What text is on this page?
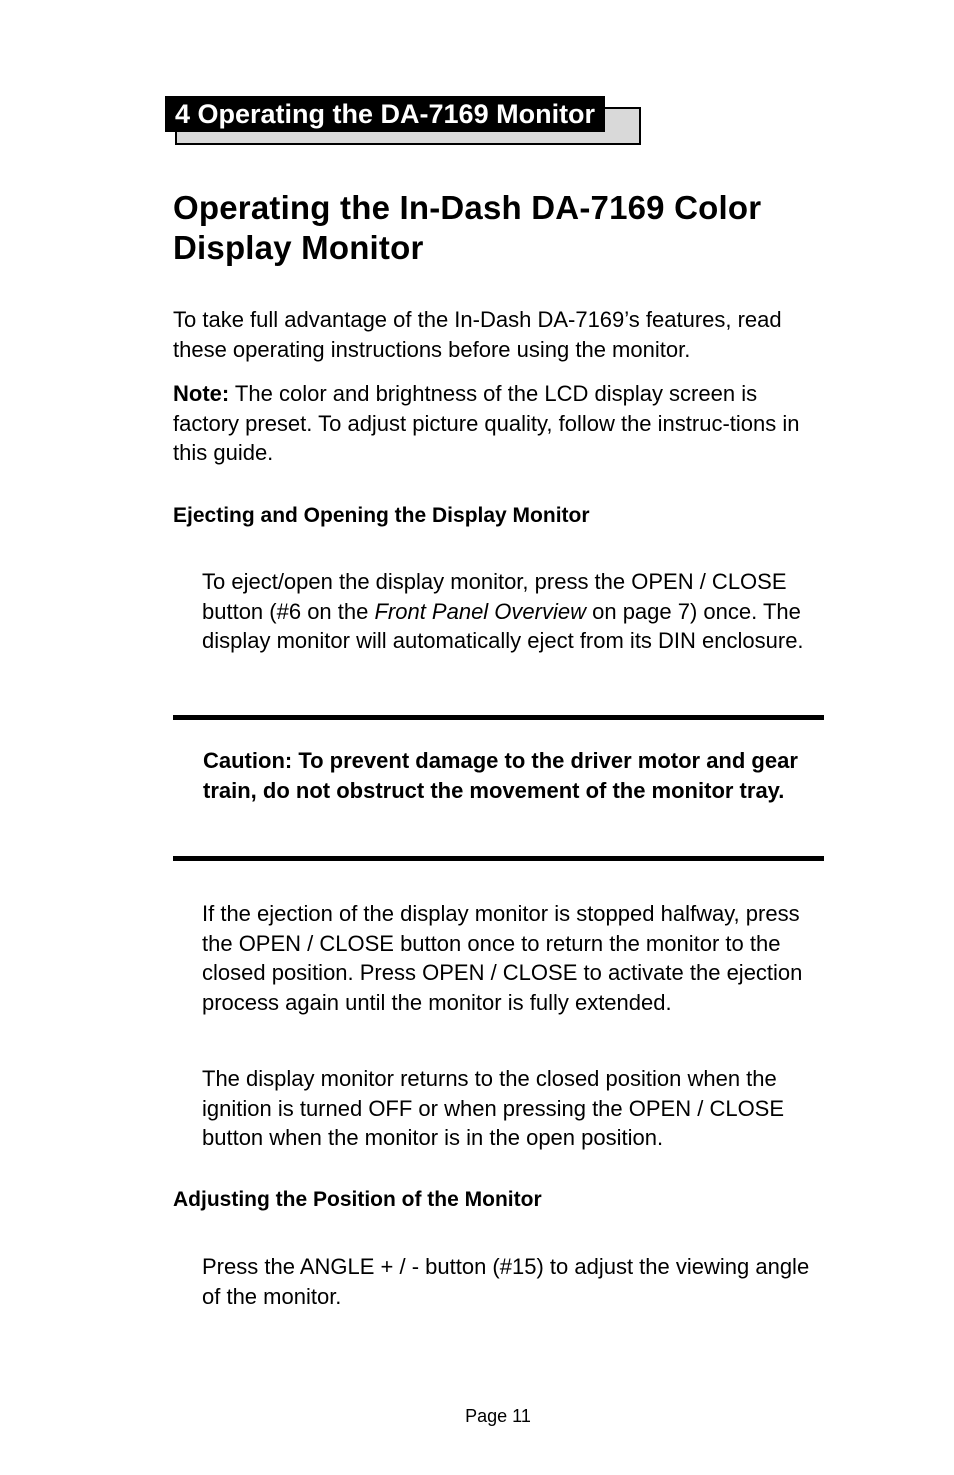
4 Operating the DA-7169 Monitor
Operating the In-Dash DA-7169 Color Display Monitor

To take full advantage of the In-Dash DA-7169’s features, read these operating instructions before using the monitor.

Note: The color and brightness of the LCD display screen is factory preset. To adjust picture quality, follow the instruc-tions in this guide.

Ejecting and Opening the Display Monitor

To eject/open the display monitor, press the OPEN / CLOSE button (#6 on the Front Panel Overview on page 7) once. The display monitor will automatically eject from its DIN enclosure.

Caution: To prevent damage to the driver motor and gear train, do not obstruct the movement of the monitor tray.

If the ejection of the display monitor is stopped halfway, press the OPEN / CLOSE button once to return the monitor to the closed position. Press OPEN / CLOSE to activate the ejection process again until the monitor is fully extended.

The display monitor returns to the closed position when the ignition is turned OFF or when pressing the OPEN / CLOSE button when the monitor is in the open position.

Adjusting the Position of the Monitor

Press the ANGLE + / - button (#15) to adjust the viewing angle of the monitor.

Page 11
